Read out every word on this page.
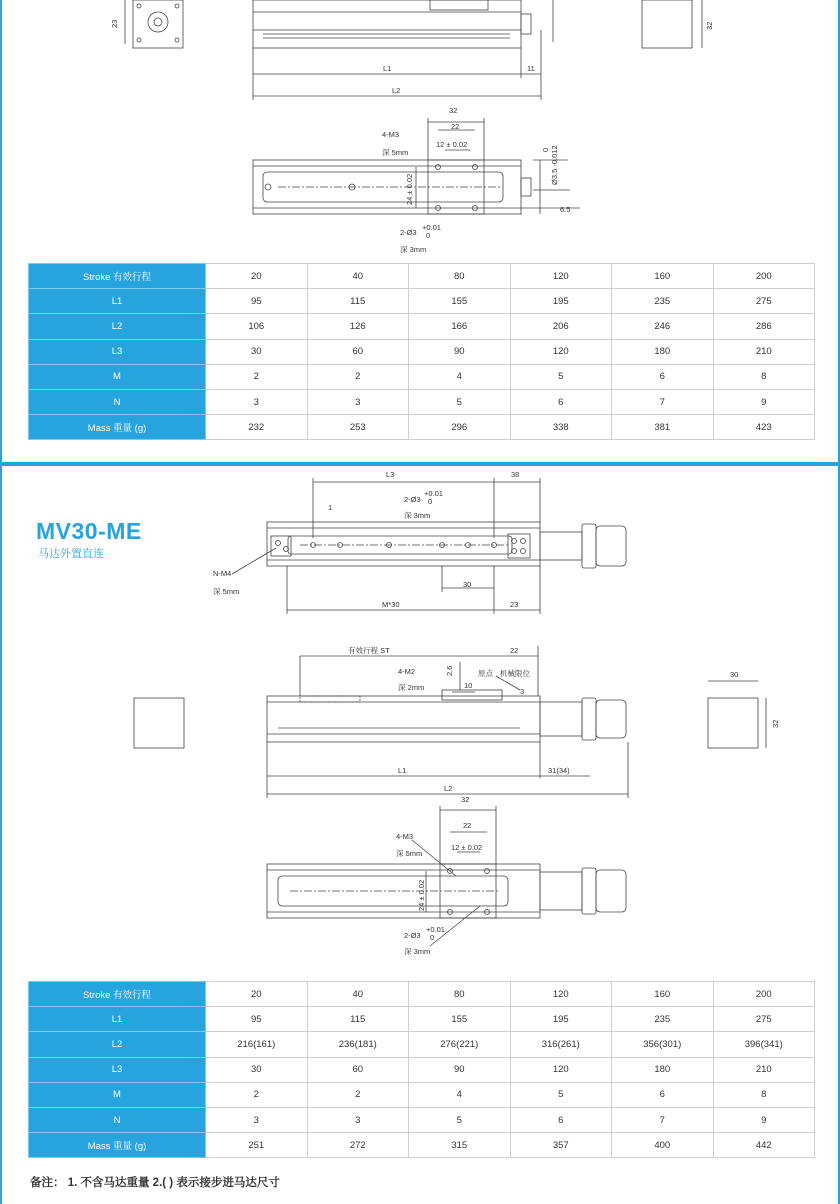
23
L1	11
L2
32
32
22
12 ± 0.02
4-M3
深 5mm
24 ± 0.02
Ø3.5 -0.012
0
6.5
2-Ø3
+0.01
0
深 3mm
Stroke 有效行程	20	40	80	120	160	200
L1	95	115	155	195	235	275
L2	106	126	166	206	246	286
L3	30	60	90	120	180	210
M	2	2	4	5	6	8
N	3	3	5	6	7	9
Mass 重量 (g)	232	253	296	338	381	423
MV30-ME
马达外置直连
L3	38
1
2-Ø3
+0.01
0
深 3mm
N-M4
深 5mm
30
M*30	23
有效行程 ST	22
4-M2
深 2mm
2.6
10
原点 机械限位
3
L1	31(34)
L2
30
32
32
22
12 ± 0.02
4-M3
深 5mm
24 ± 0.02
2-Ø3
+0.01
0
深 3mm
Stroke 有效行程	20	40	80	120	160	200
L1	95	115	155	195	235	275
L2	216(161)	236(181)	276(221)	316(261)	356(301)	396(341)
L3	30	60	90	120	180	210
M	2	2	4	5	6	8
N	3	3	5	6	7	9
Mass 重量 (g)	251	272	315	357	400	442
备注： 1. 不含马达重量 2.( ) 表示接步进马达尺寸
